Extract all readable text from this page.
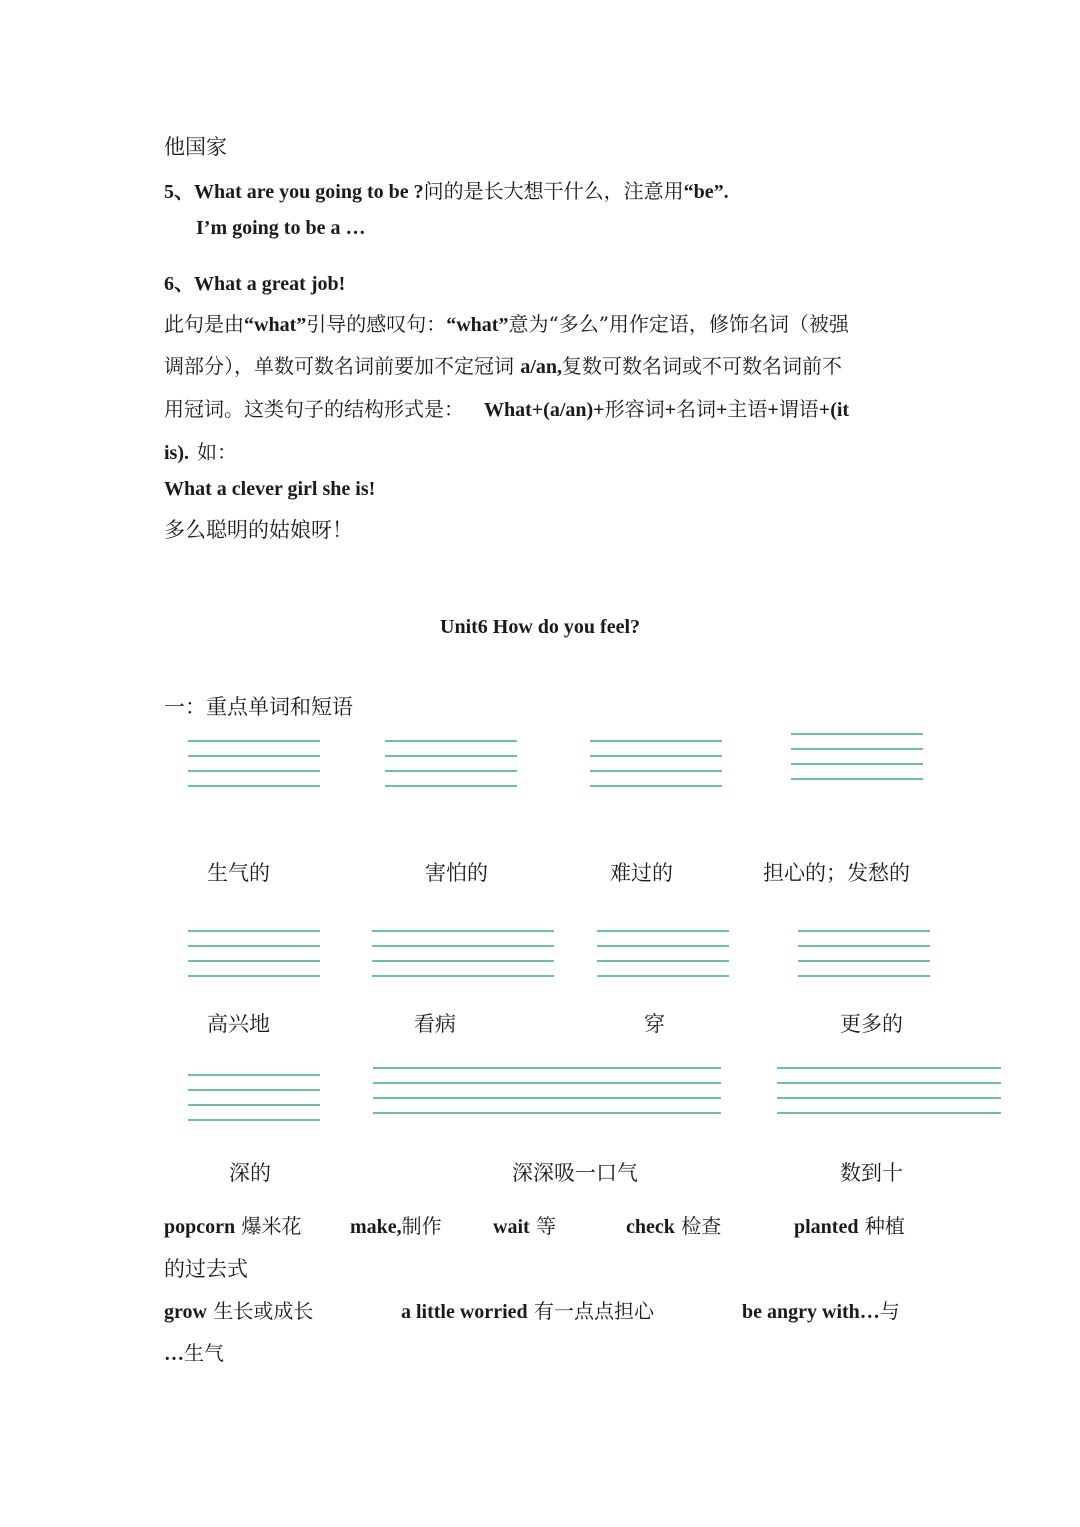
他国家
5、What are you going to be ?问的是长大想干什么，注意用“be”.
I’m going to be a …
6、What a great job!
此句是由“what”引导的感叹句：“what”意为“多么”用作定语，修饰名词（被强
调部分），单数可数名词前要加不定冠词 a/an,复数可数名词或不可数名词前不
用冠词。这类句子的结构形式是： What+(a/an)+形容词+名词+主语+谓语+(it
is). 如：
What a clever girl she is!
多么聪明的姑娘呀！
Unit6 How do you feel?
一：重点单词和短语
生气的	害怕的	难过的	担心的；发愁的
高兴地	看病	穿	更多的
深的	深深吸一口气	数到十
popcorn 爆米花 make,制作	wait 等	check 检查	planted 种植
的过去式
grow 生长或成长	a little worried 有一点点担心	be angry with…与
…生气
